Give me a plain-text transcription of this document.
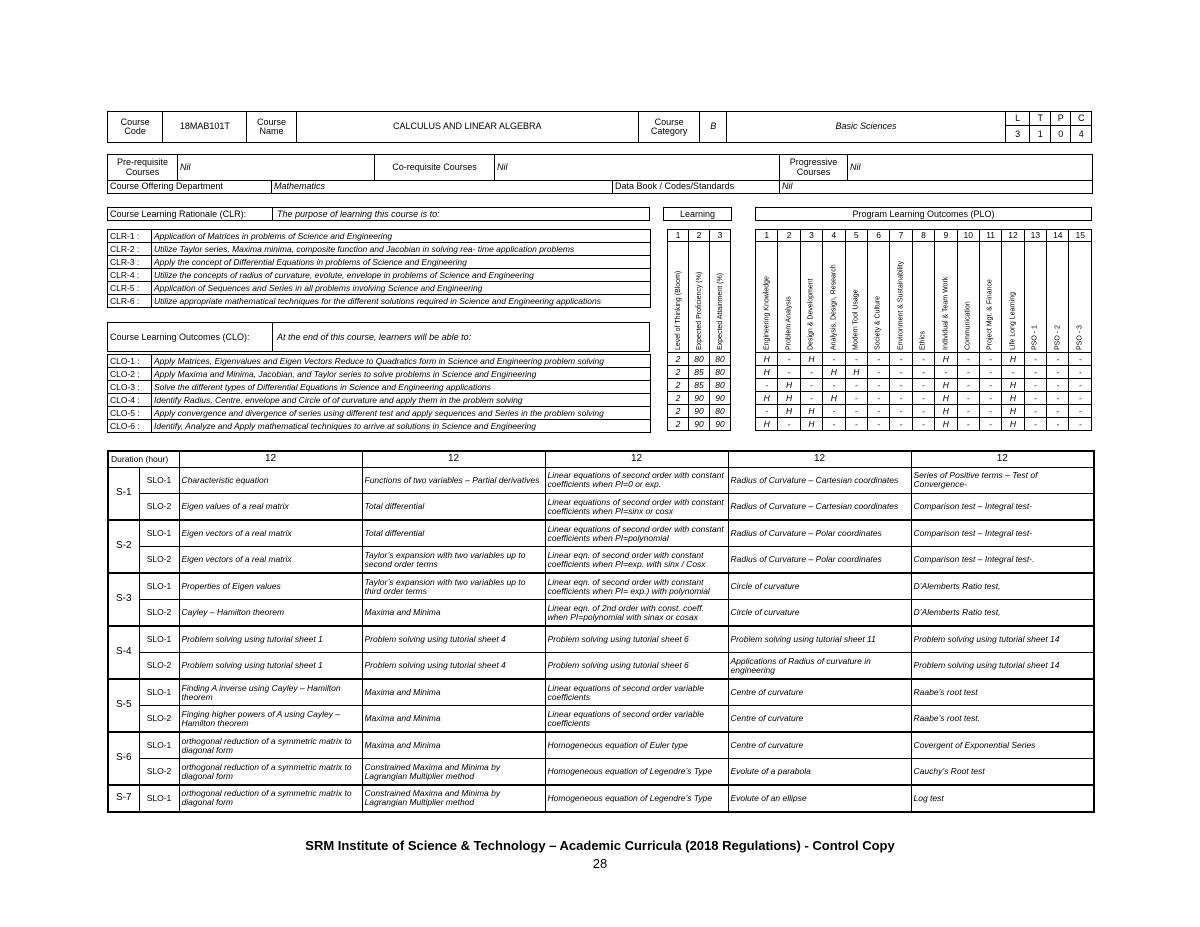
Course Code	18MAB101T	Course Name	CALCULUS AND LINEAR ALGEBRA	Course Category	B	Basic Sciences	L	T	P	C
							3	1	0	4
Pre-requisite Courses	Nil		Co-requisite Courses	Nil		Progressive Courses	Nil
Course Offering Department		Mathematics			Data Book / Codes/Standards	Nil	
Course Learning Rationale (CLR):	The purpose of learning this course is to:	Learning	Program Learning Outcomes (PLO)
CLR-1 :	Application of Matrices in problems of Science and Engineering
CLR-2 :	Utilize Taylor series, Maxima minima, composite function and Jacobian in solving rea- time application problems
CLR-3 :	Apply the concept of Differential Equations in problems of Science and Engineering
CLR-4 :	Utilize the concepts of radius of curvature, evolute, envelope in problems of Science and Engineering
CLR-5 :	Application of Sequences and Series in all problems involving Science and Engineering
CLR-6 :	Utilize appropriate mathematical techniques for the different solutions required in Science and Engineering applications
Course Learning Outcomes (CLO):	At the end of this course, learners will be able to:
CLO-1 :	Apply Matrices, Eigenvalues and Eigen Vectors Reduce to Quadratics form in Science and Engineering problem solving
CLO-2 :	Apply Maxima and Minima, Jacobian, and Taylor series to solve problems in Science and Engineering
CLO-3 :	Solve the different types of Differential Equations in Science and Engineering applications
CLO-4 :	Identify Radius, Centre, envelope and Circle of of curvature and apply them in the problem solving
CLO-5 :	Apply convergence and divergence of series using different test and apply sequences and Series in the problem solving
CLO-6 :	Identify, Analyze and Apply mathematical techniques to arrive at solutions in Science and Engineering
1	2	3
Level of Thinking (Bloom)	Expected Proficiency (%)	Expected Attainment (%)
2	80	80
2	85	80
2	85	80
2	90	90
2	90	80
2	90	90
1	2	3	4	5	6	7	8	9	10	11	12	13	14	15
Engineering Knowledge	Problem Analysis	Design & Development	Analysis, Design, Research	Modern Tool Usage	Society & Culture	Environment & Sustainability	Ethics	Individual & Team Work	Communication	Project Mgt. & Finance	Life Long Learning	PSO - 1	PSO - 2	PSO - 3
H	-	H	-	-	-	-	-	H	-	-	H	-	-	-
H	-	-	H	H	-	-	-	-	-	-	-	-	-	-
-	H	-	-	-	-	-	-	H	-	-	H	-	-	-
H	H	-	H	-	-	-	-	H	-	-	H	-	-	-
-	H	H	-	-	-	-	-	H	-	-	H	-	-	-
H	-	H	-	-	-	-	-	H	-	-	H	-	-	-
Duration (hour)		12	12	12	12	12
S-1	SLO-1	Characteristic equation	Functions of two variables – Partial derivatives	Linear equations of second order with constant coefficients when PI=0 or exp.	Radius of Curvature – Cartesian coordinates	Series of Positive terms – Test of Convergence-
	SLO-2	Eigen values of a real matrix	Total differential	Linear equations of second order with constant coefficients when PI=sinx or cosx	Radius of Curvature – Cartesian coordinates	Comparison test – Integral test-
S-2	SLO-1	Eigen vectors of a real matrix	Total differential	Linear equations of second order with constant coefficients when PI=polynomial	Radius of Curvature – Polar coordinates	Comparison test – Integral test-
	SLO-2	Eigen vectors of a real matrix	Taylor’s expansion with two variables up to second order terms	Linear eqn. of second order with constant coefficients when PI=exp. with sinx / Cosx	Radius of Curvature – Polar coordinates	Comparison test – Integral test-.
S-3	SLO-1	Properties of Eigen values	Taylor’s expansion with two variables up to third order terms	Linear eqn. of second order with constant coefficients when PI= exp.) with polynomial	Circle of curvature	D’Alemberts Ratio test,
	SLO-2	Cayley – Hamilton theorem	Maxima and Minima	Linear eqn. of 2nd order with const. coeff. when PI=polynomial with sinax or cosax	Circle of curvature	D’Alemberts Ratio test,
S-4	SLO-1	Problem solving using tutorial sheet 1	Problem solving using tutorial sheet 4	Problem solving using tutorial sheet 6	Problem solving using tutorial sheet 11	Problem solving using tutorial sheet 14
	SLO-2	Problem solving using tutorial sheet 1	Problem solving using tutorial sheet 4	Problem solving using tutorial sheet 6	Applications of Radius of curvature in engineering	Problem solving using tutorial sheet 14
S-5	SLO-1	Finding A inverse using Cayley – Hamilton theorem	Maxima and Minima	Linear equations of second order variable coefficients	Centre of curvature	Raabe’s root test
	SLO-2	Finging higher powers of A using Cayley – Hamilton theorem	Maxima and Minima	Linear equations of second order variable coefficients	Centre of curvature	Raabe’s root test.
S-6	SLO-1	orthogonal reduction of a symmetric matrix to diagonal form	Maxima and Minima	Homogeneous equation of Euler type	Centre of curvature	Covergent of Exponential Series
	SLO-2	orthogonal reduction of a symmetric matrix to diagonal form	Constrained Maxima and Minima by Lagrangian Multiplier method	Homogeneous equation of Legendre’s Type	Evolute of a parabola	Cauchy’s Root test
S-7	SLO-1	orthogonal reduction of a symmetric matrix to diagonal form	Constrained Maxima and Minima by Lagrangian Multiplier method	Homogeneous equation of Legendre’s Type	Evolute of an ellipse	Log test
SRM Institute of Science & Technology – Academic Curricula (2018 Regulations) - Control Copy
28
